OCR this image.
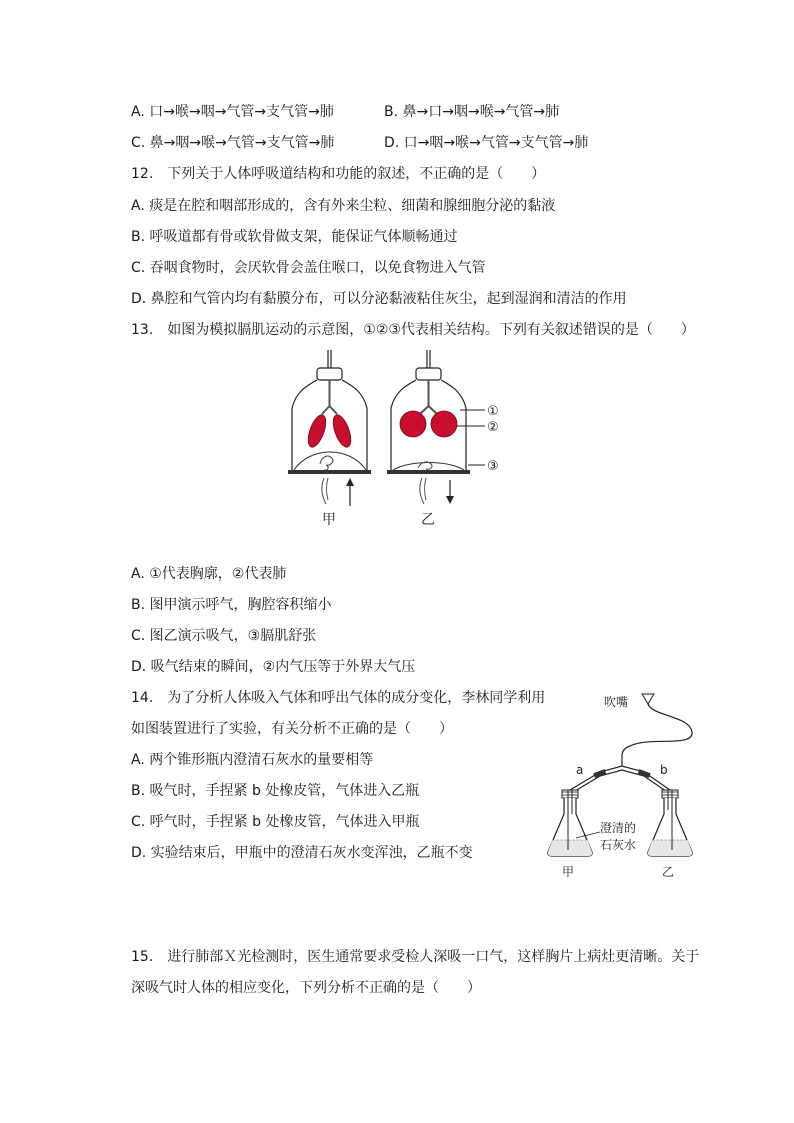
A. 口→喉→咽→气管→支气管→肺	B. 鼻→口→咽→喉→气管→肺
C. 鼻→咽→喉→气管→支气管→肺	D. 口→咽→喉→气管→支气管→肺
12.　下列关于人体呼吸道结构和功能的叙述，不正确的是（　　）
A. 痰是在腔和咽部形成的，含有外来尘粒、细菌和腺细胞分泌的黏液
B. 呼吸道都有骨或软骨做支架，能保证气体顺畅通过
C. 吞咽食物时，会厌软骨会盖住喉口，以免食物进入气管
D. 鼻腔和气管内均有黏膜分布，可以分泌黏液粘住灰尘，起到湿润和清洁的作用
13.　如图为模拟膈肌运动的示意图，①②③代表相关结构。下列有关叙述错误的是（　　）
甲
①
②
③
乙
A. ①代表胸廓，②代表肺
B. 图甲演示呼气，胸腔容积缩小
C. 图乙演示吸气，③膈肌舒张
D. 吸气结束的瞬间，②内气压等于外界大气压
14.　为了分析人体吸入气体和呼出气体的成分变化，李林同学利用
如图装置进行了实验，有关分析不正确的是（　　）
A. 两个锥形瓶内澄清石灰水的量要相等
B. 吸气时，手捏紧 b 处橡皮管，气体进入乙瓶
C. 呼气时，手捏紧 b 处橡皮管，气体进入甲瓶
D. 实验结束后，甲瓶中的澄清石灰水变浑浊，乙瓶不变
吹嘴
a	b
甲	乙
澄清的
石灰水
15.　进行肺部Ｘ光检测时，医生通常要求受检人深吸一口气，这样胸片上病灶更清晰。关于
深吸气时人体的相应变化，下列分析不正确的是（　　）
